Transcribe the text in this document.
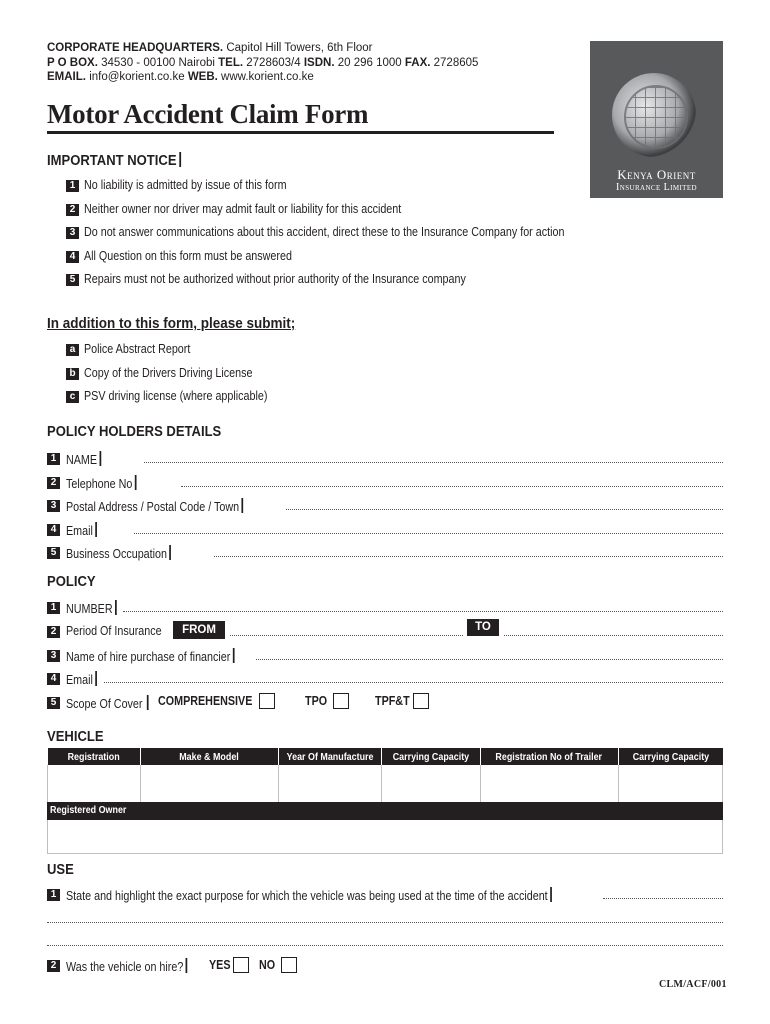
CORPORATE HEADQUARTERS. Capitol Hill Towers, 6th Floor
P O BOX. 34530 - 00100 Nairobi TEL. 2728603/4 ISDN. 20 296 1000 FAX. 2728605
EMAIL. info@korient.co.ke WEB. www.korient.co.ke
Kenya Orient
Insurance Limited
Motor Accident Claim Form
IMPORTANT NOTICE
1 No liability is admitted by issue of this form
2 Neither owner nor driver may admit fault or liability for this accident
3 Do not answer communications about this accident, direct these to the Insurance Company for action
4 All Question on this form must be answered
5 Repairs must not be authorized without prior authority of the Insurance company
In addition to this form, please submit;
a Police Abstract Report
b Copy of the Drivers Driving License
c PSV driving license (where applicable)
POLICY HOLDERS DETAILS
1 NAME
2 Telephone No
3 Postal Address / Postal Code / Town
4 Email
5 Business Occupation
POLICY
1 NUMBER
2 Period Of Insurance	FROM	TO
3 Name of hire purchase of financier
4 Email
5 Scope Of Cover	COMPREHENSIVE	TPO	TPF&T
VEHICLE
Registration	Make & Model	Year Of Manufacture	Carrying Capacity	Registration No of Trailer	Carrying Capacity

Registered Owner
USE
1 State and highlight the exact purpose for which the vehicle was being used at the time of the accident
2 Was the vehicle on hire?	YES NO
CLM/ACF/001
